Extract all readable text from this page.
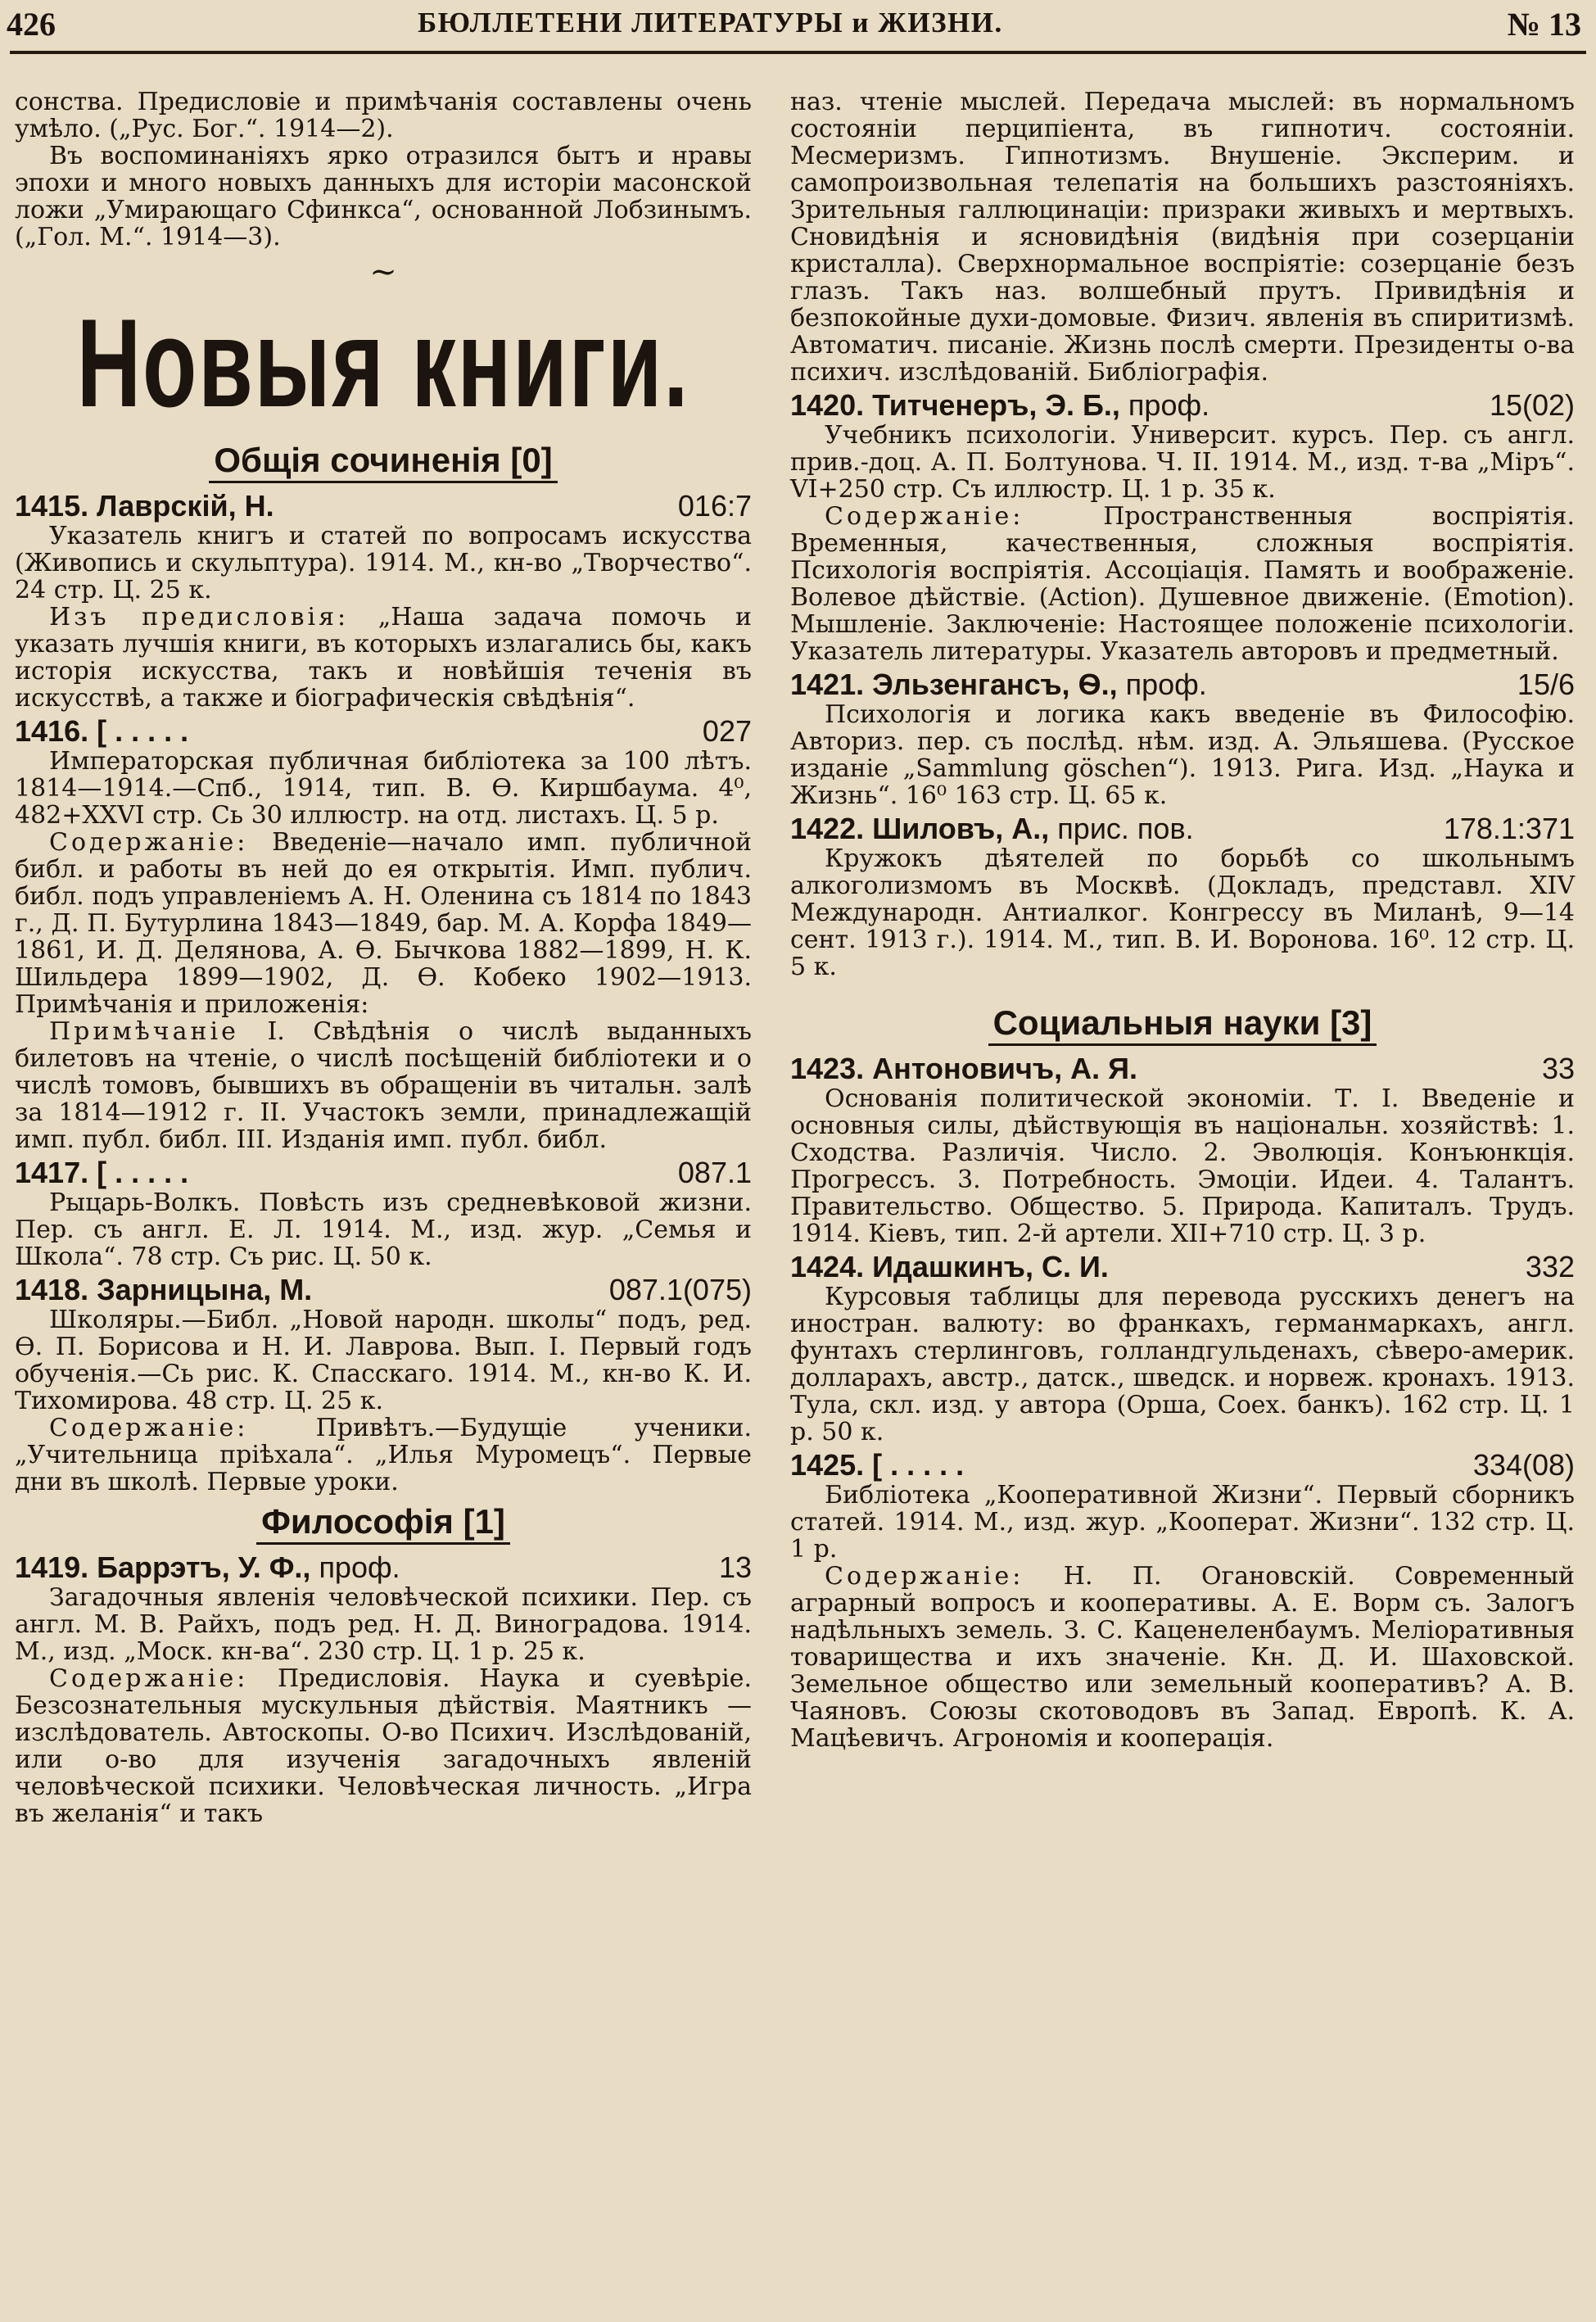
426	БЮЛЛЕТЕНИ ЛИТЕРАТУРЫ и ЖИЗНИ.	№ 13

сонства. Предисловіе и примѣчанія составлены очень умѣло. („Рус. Бог.“. 1914—2).

Въ воспоминаніяхъ ярко отразился бытъ и нравы эпохи и много новыхъ данныхъ для исторіи масонской ложи „Умирающаго Сфинкса“, основанной Лобзинымъ. („Гол. М.“. 1914—3).

~
Новыя книги.
Общія сочиненія [0]
1415. Лаврскій, Н.	016:7

Указатель книгъ и статей по вопросамъ искусства (Живопись и скульптура). 1914. М., кн-во „Творчество“. 24 стр. Ц. 25 к.

Изъ предисловія: „Наша задача помочь и указать лучшія книги, въ которыхъ излагались бы, какъ исторія искусства, такъ и новѣйшія теченія въ искусствѣ, а также и біографическія свѣдѣнія“.

1416. [ . . . . .	027

Императорская публичная библіотека за 100 лѣтъ. 1814—1914.—Спб., 1914, тип. В. Ѳ. Киршбаума. 4⁰, 482+XXVI стр. Сь 30 иллюстр. на отд. листахъ. Ц. 5 р.

Содержаніе: Введеніе—начало имп. публичной библ. и работы въ ней до ея открытія. Имп. публич. библ. подъ управленіемъ А. Н. Оленина съ 1814 по 1843 г., Д. П. Бутурлина 1843—1849, бар. М. А. Корфа 1849—1861, И. Д. Делянова, А. Ѳ. Бычкова 1882—1899, Н. К. Шильдера 1899—1902, Д. Ѳ. Кобеко 1902—1913. Примѣчанія и приложенія:

Примѣчаніе I. Свѣдѣнія о числѣ выданныхъ билетовъ на чтеніе, о числѣ посѣщеній библіотеки и о числѣ томовъ, бывшихъ въ обращеніи въ читальн. залѣ за 1814—1912 г. II. Участокъ земли, принадлежащій имп. публ. библ. III. Изданія имп. публ. библ.

1417. [ . . . . .	087.1

Рыцарь-Волкъ. Повѣсть изъ средневѣковой жизни. Пер. съ англ. Е. Л. 1914. М., изд. жур. „Семья и Школа“. 78 стр. Съ рис. Ц. 50 к.

1418. Зарницына, М.	087.1(075)

Школяры.—Библ. „Новой народн. школы“ подъ, ред. Ѳ. П. Борисова и Н. И. Лаврова. Вып. I. Первый годъ обученія.—Сь рис. К. Спасскаго. 1914. М., кн-во К. И. Тихомирова. 48 стр. Ц. 25 к.

Содержаніе:	Привѣтъ.—Будущіе ученики. „Учительница пріѣхала“. „Илья Муромецъ“. Первые дни въ школѣ. Первые уроки.

Философія [1]
1419. Баррэтъ, У. Ф., проф.	13

Загадочныя явленія человѣческой психики. Пер. съ англ. М. В. Райхъ, подъ ред. Н. Д. Виноградова. 1914. М., изд. „Моск. кн-ва“. 230 стр. Ц. 1 р. 25 к.

Содержаніе: Предисловія. Наука и суевѣріе. Безсознательныя мускульныя дѣйствія. Маятникъ — изслѣдователь. Автоскопы. О-во Психич. Изслѣдованій, или о-во для изученія загадочныхъ явленій человѣческой психики. Человѣческая личность. „Игра въ желанія“ и такъ

наз. чтеніе мыслей. Передача мыслей: въ нормальномъ состояніи перципіента, въ гипнотич. состояніи. Месмеризмъ. Гипнотизмъ. Внушеніе. Эксперим. и самопроизвольная телепатія на большихъ разстояніяхъ. Зрительныя галлюцинаціи: призраки живыхъ и мертвыхъ. Сновидѣнія и ясновидѣнія (видѣнія при созерцаніи кристалла). Сверхнормальное воспріятіе: созерцаніе безъ глазъ. Такъ наз. волшебный прутъ. Привидѣнія и безпокойные духи-домовые. Физич. явленія въ спиритизмѣ. Автоматич. писаніе. Жизнь послѣ смерти. Президенты о-ва психич. изслѣдованій. Библіографія.

1420. Титченеръ, Э. Б., проф.	15(02)

Учебникъ психологіи. Университ. курсъ. Пер. съ англ. прив.-доц. А. П. Болтунова. Ч. II. 1914. М., изд. т-ва „Міръ“. VI+250 стр. Съ иллюстр. Ц. 1 р. 35 к.

Содержаніе:	Пространственныя воспріятія. Временныя, качественныя, сложныя воспріятія. Психологія воспріятія. Ассоціація. Память и воображеніе. Волевое дѣйствіе. (Action). Душевное движеніе. (Emotion). Мышленіе. Заключеніе: Настоящее положеніе психологіи. Указатель литературы. Указатель авторовъ и предметный.

1421. Эльзенгансъ, Ѳ., проф.	15/6

Психологія и логика какъ введеніе въ Философію. Авториз. пер. съ послѣд. нѣм. изд. А. Эльяшева. (Русское изданіе „Sammlung göschen“). 1913. Рига. Изд. „Наука и Жизнь“. 16⁰ 163 стр. Ц. 65 к.

1422. Шиловъ, А., прис. пов.	178.1:371

Кружокъ дѣятелей по борьбѣ со школьнымъ алкоголизмомъ въ Москвѣ. (Докладъ, представл. XIV Международн. Антиалког. Конгрессу въ Миланѣ, 9—14 сент. 1913 г.). 1914. М., тип. В. И. Воронова. 16⁰. 12 стр. Ц. 5 к.

Социальныя науки [3]
1423. Антоновичъ, А. Я.	33

Основанія политической экономіи. Т. I. Введеніе и основныя силы, дѣйствующія въ національн. хозяйствѣ: 1. Сходства. Различія. Число. 2. Эволюція. Конъюнкція. Прогрессъ. 3. Потребность. Эмоціи. Идеи. 4. Талантъ. Правительство. Общество. 5. Природа. Капиталъ. Трудъ. 1914. Кіевъ, тип. 2-й артели. XII+710 стр. Ц. 3 р.

1424. Идашкинъ, С. И.	332

Курсовыя таблицы для перевода русскихъ денегъ на иностран. валюту: во франкахъ, германмаркахъ, англ. фунтахъ стерлинговъ, голландгульденахъ, сѣверо-америк. долларахъ, австр., датск., шведск. и норвеж. кронахъ. 1913. Тула, скл. изд. у автора (Орша, Соех. банкъ). 162 стр. Ц. 1 р. 50 к.

1425. [ . . . . .	334(08)

Библіотека „Кооперативной Жизни“. Первый сборникъ статей. 1914. М., изд. жур. „Кооперат. Жизни“. 132 стр. Ц. 1 р.

Содержаніе: Н. П. Огановскій. Современный аграрный вопросъ и кооперативы. А. Е. Ворм съ. Залогъ надѣльныхъ земель. З. С. Каценеленбаумъ. Меліоративныя товарищества и ихъ значеніе. Кн. Д. И. Шаховской. Земельное общество или земельный кооперативъ? А. В. Чаяновъ. Союзы скотоводовъ въ Запад. Европѣ. К. А. Мацѣевичъ. Агрономія и кооперація.
